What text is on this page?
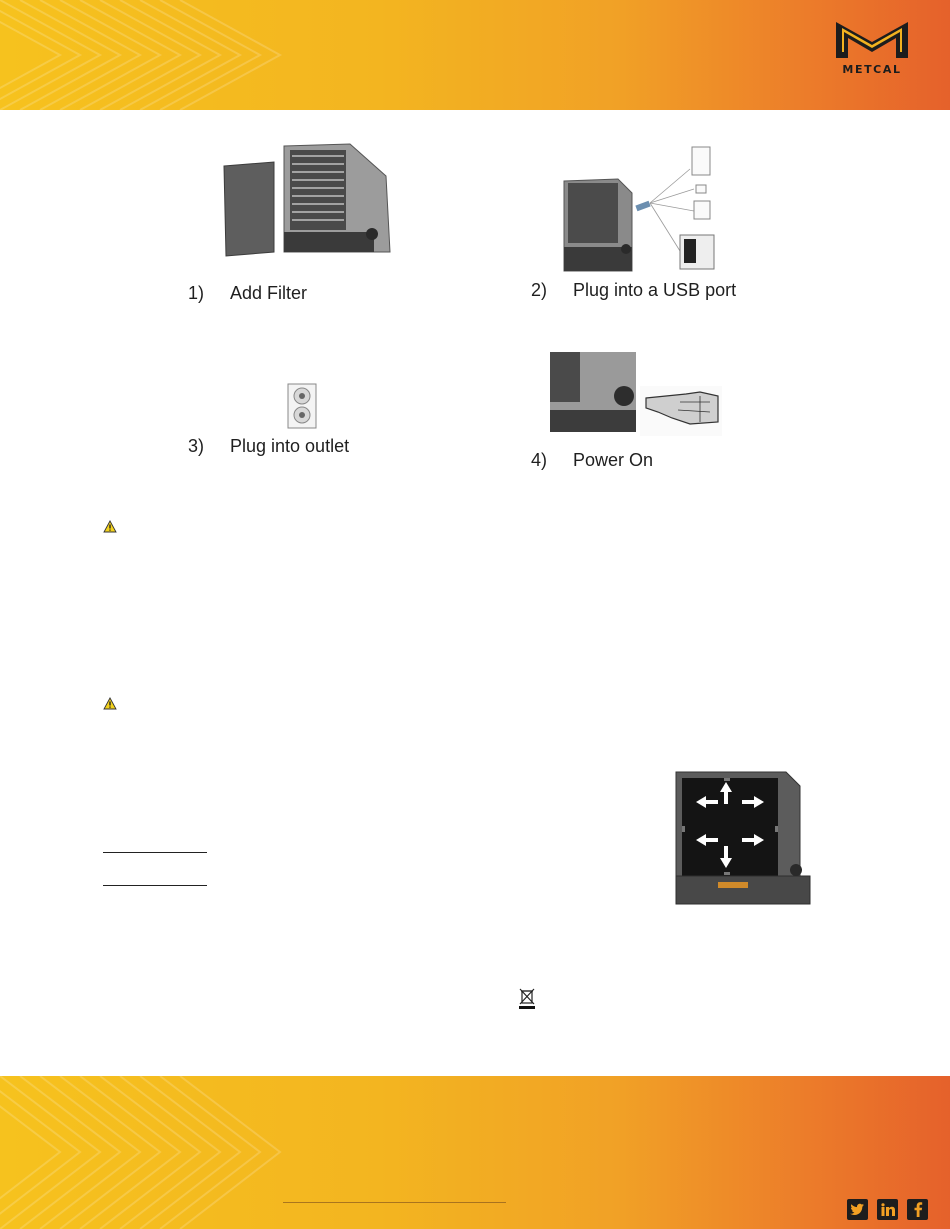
METCAL
1) Add Filter	2) Plug into a USB port
3) Plug into outlet
4) Power On
